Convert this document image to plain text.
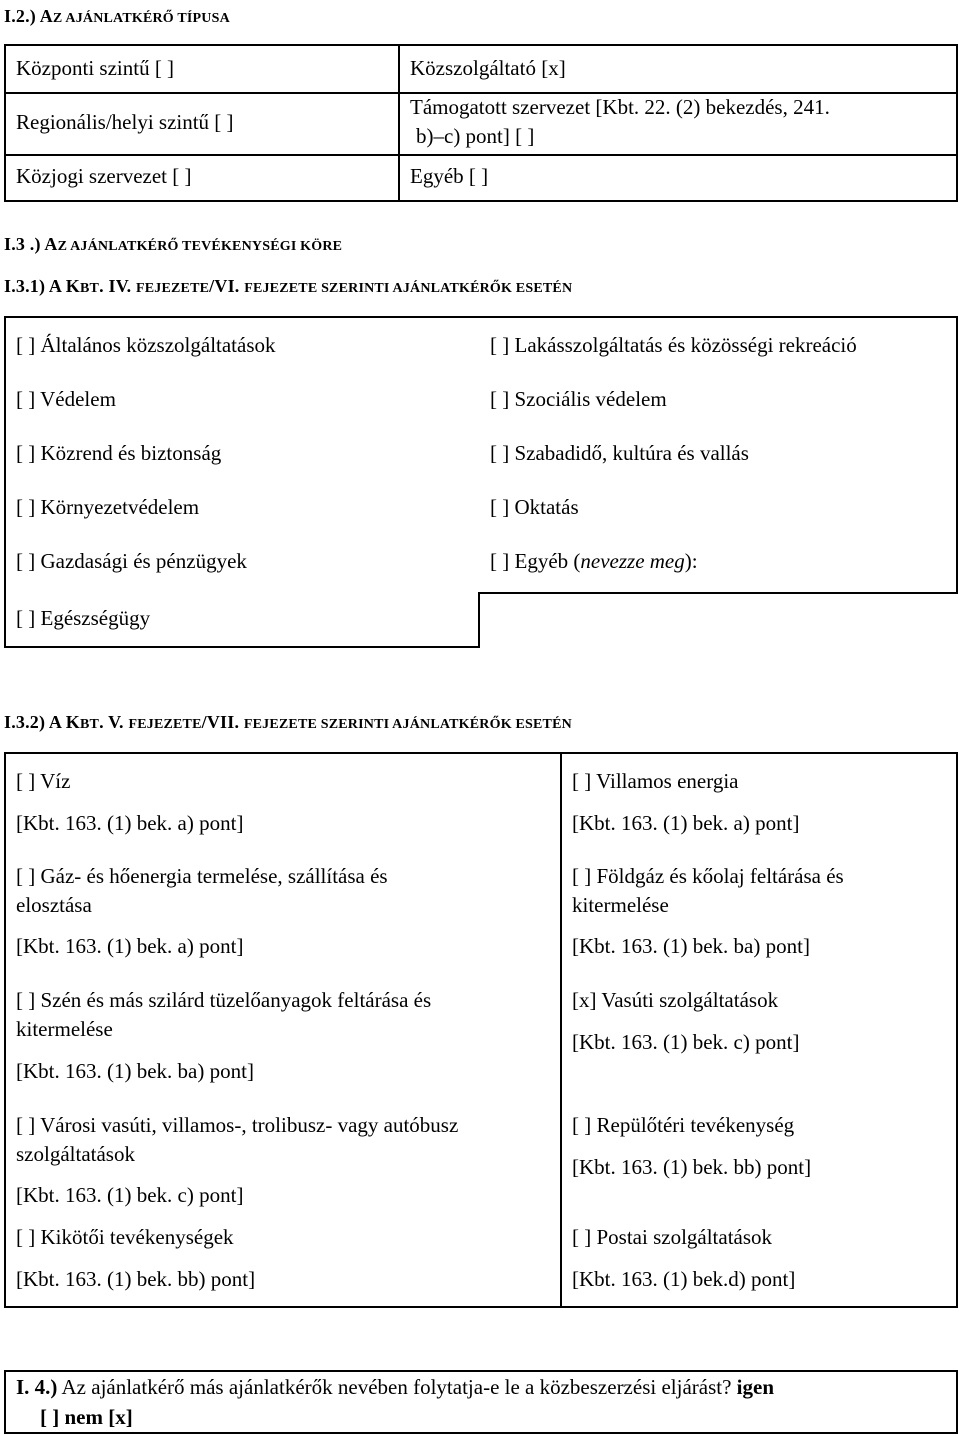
I.2.) AZ AJÁNLATKÉRŐ TÍPUSA
Központi szintű [ ]	Közszolgáltató [x]
Regionális/helyi szintű [ ]
Támogatott szervezet [Kbt. 22. (2) bekezdés, 241.
b)–c) pont] [ ]
Közjogi szervezet [ ]	Egyéb [ ]
I.3 .) AZ AJÁNLATKÉRŐ TEVÉKENYSÉGI KÖRE
I.3.1) A KBT. IV. FEJEZETE/VI. FEJEZETE SZERINTI AJÁNLATKÉRŐK ESETÉN
[ ] Általános közszolgáltatások
[ ] Védelem
[ ] Közrend és biztonság
[ ] Környezetvédelem
[ ] Gazdasági és pénzügyek
[ ] Egészségügy
[ ] Lakásszolgáltatás és közösségi rekreáció
[ ] Szociális védelem
[ ] Szabadidő, kultúra és vallás
[ ] Oktatás
[ ] Egyéb (nevezze meg):
I.3.2) A KBT. V. FEJEZETE/VII. FEJEZETE SZERINTI AJÁNLATKÉRŐK ESETÉN
[ ] Víz
[Kbt. 163. (1) bek. a) pont]
[ ] Gáz- és hőenergia termelése, szállítása és
elosztása
[Kbt. 163. (1) bek. a) pont]
[ ] Szén és más szilárd tüzelőanyagok feltárása és
kitermelése
[Kbt. 163. (1) bek. ba) pont]
[ ] Városi vasúti, villamos-, trolibusz- vagy autóbusz
szolgáltatások
[Kbt. 163. (1) bek. c) pont]
[ ] Kikötői tevékenységek
[Kbt. 163. (1) bek. bb) pont]
[ ] Villamos energia
[Kbt. 163. (1) bek. a) pont]
[ ] Földgáz és kőolaj feltárása és
kitermelése
[Kbt. 163. (1) bek. ba) pont]
[x] Vasúti szolgáltatások
[Kbt. 163. (1) bek. c) pont]
[ ] Repülőtéri tevékenység
[Kbt. 163. (1) bek. bb) pont]
[ ] Postai szolgáltatások
[Kbt. 163. (1) bek.d) pont]
I. 4.) Az ajánlatkérő más ajánlatkérők nevében folytatja-e le a közbeszerzési eljárást? igen
[ ] nem [x]
